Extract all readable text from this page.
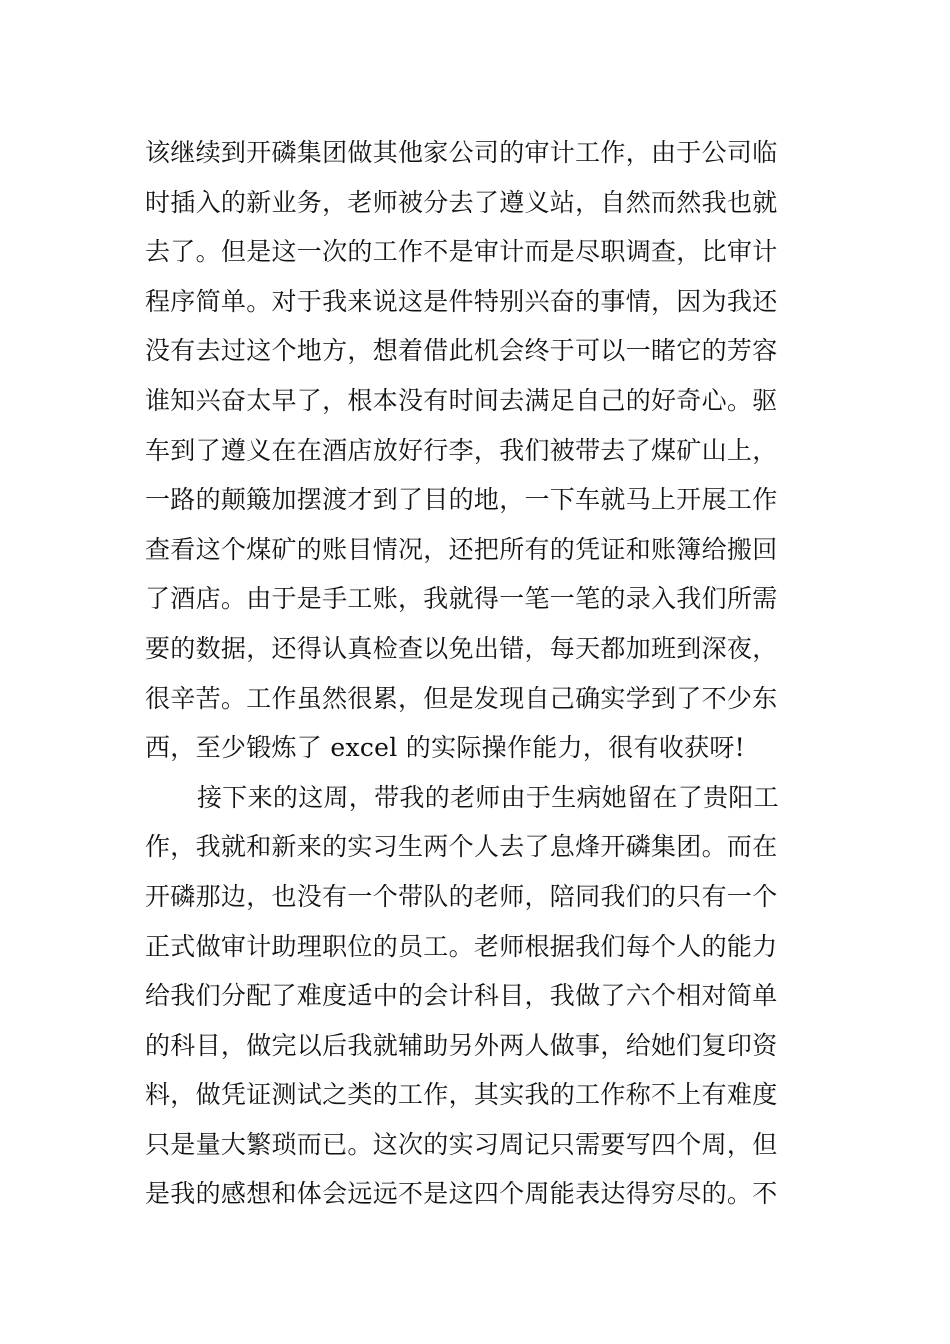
该继续到开磷集团做其他家公司的审计工作，由于公司临
时插入的新业务，老师被分去了遵义站，自然而然我也就
去了。但是这一次的工作不是审计而是尽职调查，比审计
程序简单。对于我来说这是件特别兴奋的事情，因为我还
没有去过这个地方，想着借此机会终于可以一睹它的芳容
谁知兴奋太早了，根本没有时间去满足自己的好奇心。驱
车到了遵义在在酒店放好行李，我们被带去了煤矿山上，
一路的颠簸加摆渡才到了目的地，一下车就马上开展工作
查看这个煤矿的账目情况，还把所有的凭证和账簿给搬回
了酒店。由于是手工账，我就得一笔一笔的录入我们所需
要的数据，还得认真检查以免出错，每天都加班到深夜，
很辛苦。工作虽然很累，但是发现自己确实学到了不少东
西，至少锻炼了 excel 的实际操作能力，很有收获呀!
接下来的这周，带我的老师由于生病她留在了贵阳工
作，我就和新来的实习生两个人去了息烽开磷集团。而在
开磷那边，也没有一个带队的老师，陪同我们的只有一个
正式做审计助理职位的员工。老师根据我们每个人的能力
给我们分配了难度适中的会计科目，我做了六个相对简单
的科目，做完以后我就辅助另外两人做事，给她们复印资
料，做凭证测试之类的工作，其实我的工作称不上有难度
只是量大繁琐而已。这次的实习周记只需要写四个周，但
是我的感想和体会远远不是这四个周能表达得穷尽的。不
